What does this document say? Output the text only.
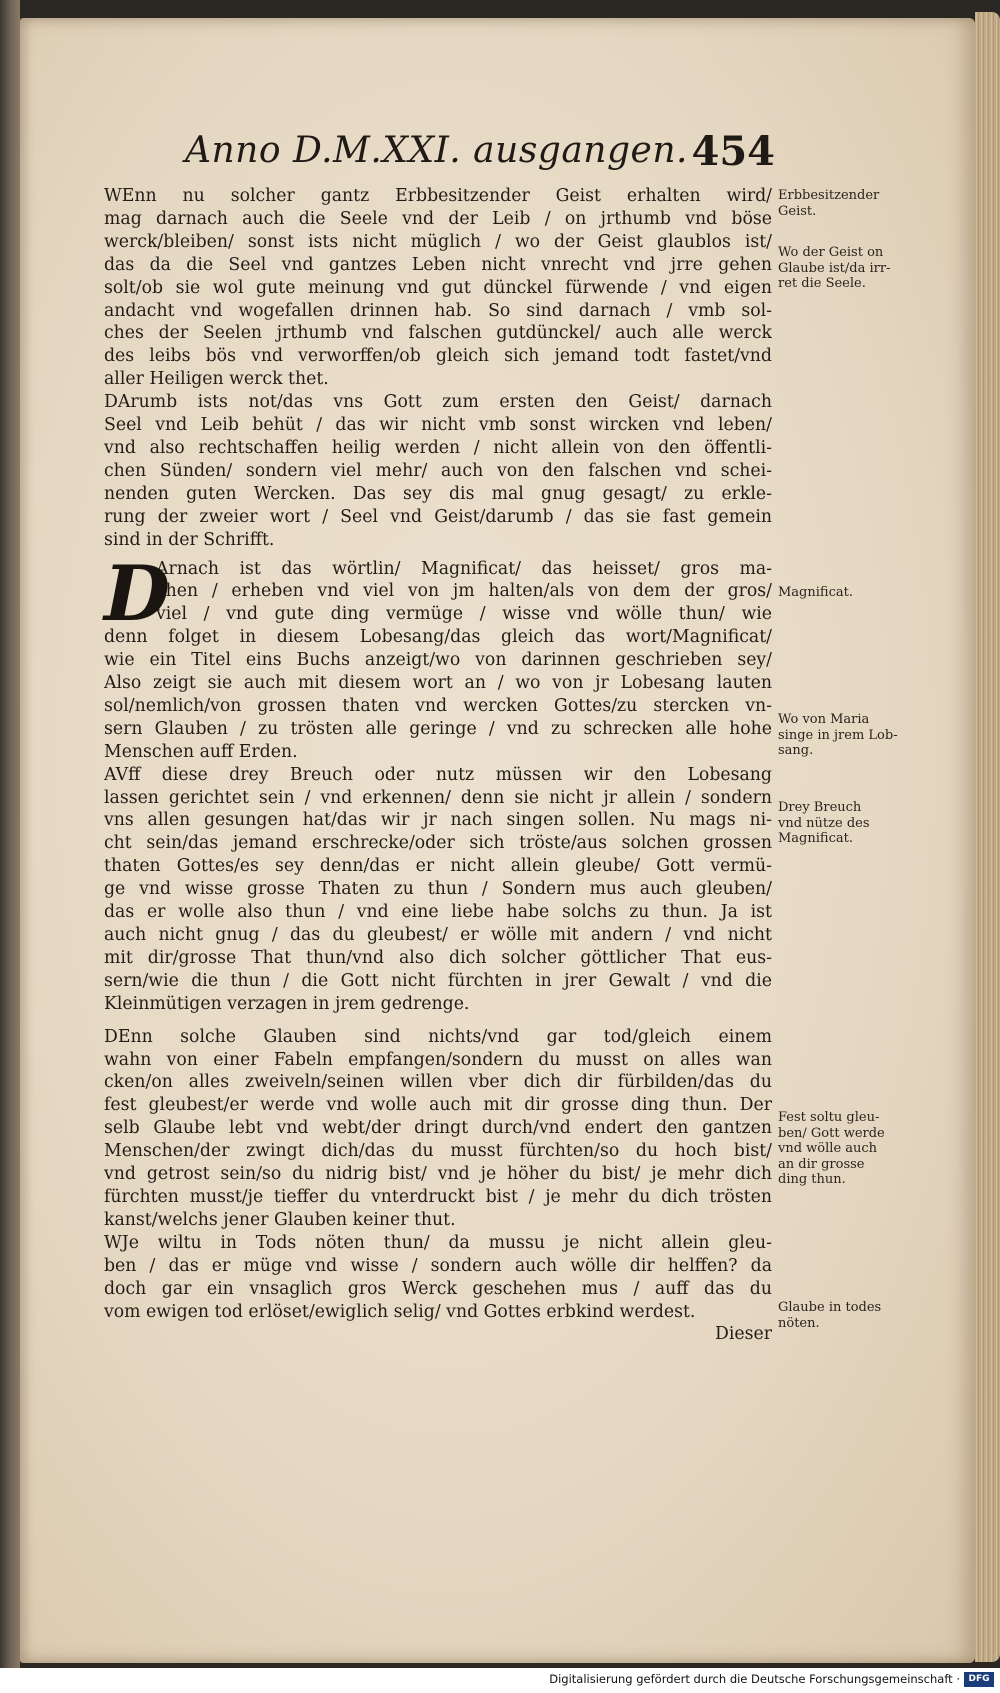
Anno D.M.XXI. ausgangen. 454
WEnn nu solcher gantz Erbbesitzender Geist erhalten wird/
mag darnach auch die Seele vnd der Leib / on jrthumb vnd böse
werck/bleiben/ sonst ists nicht müglich / wo der Geist glaublos ist/
das da die Seel vnd gantzes Leben nicht vnrecht vnd jrre gehen
solt/ob sie wol gute meinung vnd gut dünckel fürwende / vnd eigen
andacht vnd wogefallen drinnen hab. So sind darnach / vmb sol-
ches der Seelen jrthumb vnd falschen gutdünckel/ auch alle werck
des leibs bös vnd verworffen/ob gleich sich jemand todt fastet/vnd
aller Heiligen werck thet.
DArumb ists not/das vns Gott zum ersten den Geist/ darnach
Seel vnd Leib behüt / das wir nicht vmb sonst wircken vnd leben/
vnd also rechtschaffen heilig werden / nicht allein von den öffentli-
chen Sünden/ sondern viel mehr/ auch von den falschen vnd schei-
nenden guten Wercken. Das sey dis mal gnug gesagt/ zu erkle-
rung der zweier wort / Seel vnd Geist/darumb / das sie fast gemein
sind in der Schrifft.
D
Arnach ist das wörtlin/ Magnificat/ das heisset/ gros ma-
chen / erheben vnd viel von jm halten/als von dem der gros/
viel / vnd gute ding vermüge / wisse vnd wölle thun/ wie
denn folget in diesem Lobesang/das gleich das wort/Magnificat/
wie ein Titel eins Buchs anzeigt/wo von darinnen geschrieben sey/
Also zeigt sie auch mit diesem wort an / wo von jr Lobesang lauten
sol/nemlich/von grossen thaten vnd wercken Gottes/zu stercken vn-
sern Glauben / zu trösten alle geringe / vnd zu schrecken alle hohe
Menschen auff Erden.
AVff diese drey Breuch oder nutz müssen wir den Lobesang
lassen gerichtet sein / vnd erkennen/ denn sie nicht jr allein / sondern
vns allen gesungen hat/das wir jr nach singen sollen. Nu mags ni-
cht sein/das jemand erschrecke/oder sich tröste/aus solchen grossen
thaten Gottes/es sey denn/das er nicht allein gleube/ Gott vermü-
ge vnd wisse grosse Thaten zu thun / Sondern mus auch gleuben/
das er wolle also thun / vnd eine liebe habe solchs zu thun. Ja ist
auch nicht gnug / das du gleubest/ er wölle mit andern / vnd nicht
mit dir/grosse That thun/vnd also dich solcher göttlicher That eus-
sern/wie die thun / die Gott nicht fürchten in jrer Gewalt / vnd die
Kleinmütigen verzagen in jrem gedrenge.
DEnn solche Glauben sind nichts/vnd gar tod/gleich einem
wahn von einer Fabeln empfangen/sondern du musst on alles wan
cken/on alles zweiveln/seinen willen vber dich dir fürbilden/das du
fest gleubest/er werde vnd wolle auch mit dir grosse ding thun. Der
selb Glaube lebt vnd webt/der dringt durch/vnd endert den gantzen
Menschen/der zwingt dich/das du musst fürchten/so du hoch bist/
vnd getrost sein/so du nidrig bist/ vnd je höher du bist/ je mehr dich
fürchten musst/je tieffer du vnterdruckt bist / je mehr du dich trösten
kanst/welchs jener Glauben keiner thut.
WJe wiltu in Tods nöten thun/ da mussu je nicht allein gleu-
ben / das er müge vnd wisse / sondern auch wölle dir helffen? da
doch gar ein vnsaglich gros Werck geschehen mus / auff das du
vom ewigen tod erlöset/ewiglich selig/ vnd Gottes erbkind werdest.
Dieser
Erbbesitzender
Geist.
Wo der Geist on
Glaube ist/da irr-
ret die Seele.
Magnificat.
Wo von Maria
singe in jrem Lob-
sang.
Drey Breuch
vnd nütze des
Magnificat.
Fest soltu gleu-
ben/ Gott werde
vnd wölle auch
an dir grosse
ding thun.
Glaube in todes
nöten.
Digitalisierung gefördert durch die Deutsche Forschungsgemeinschaft · DFG
